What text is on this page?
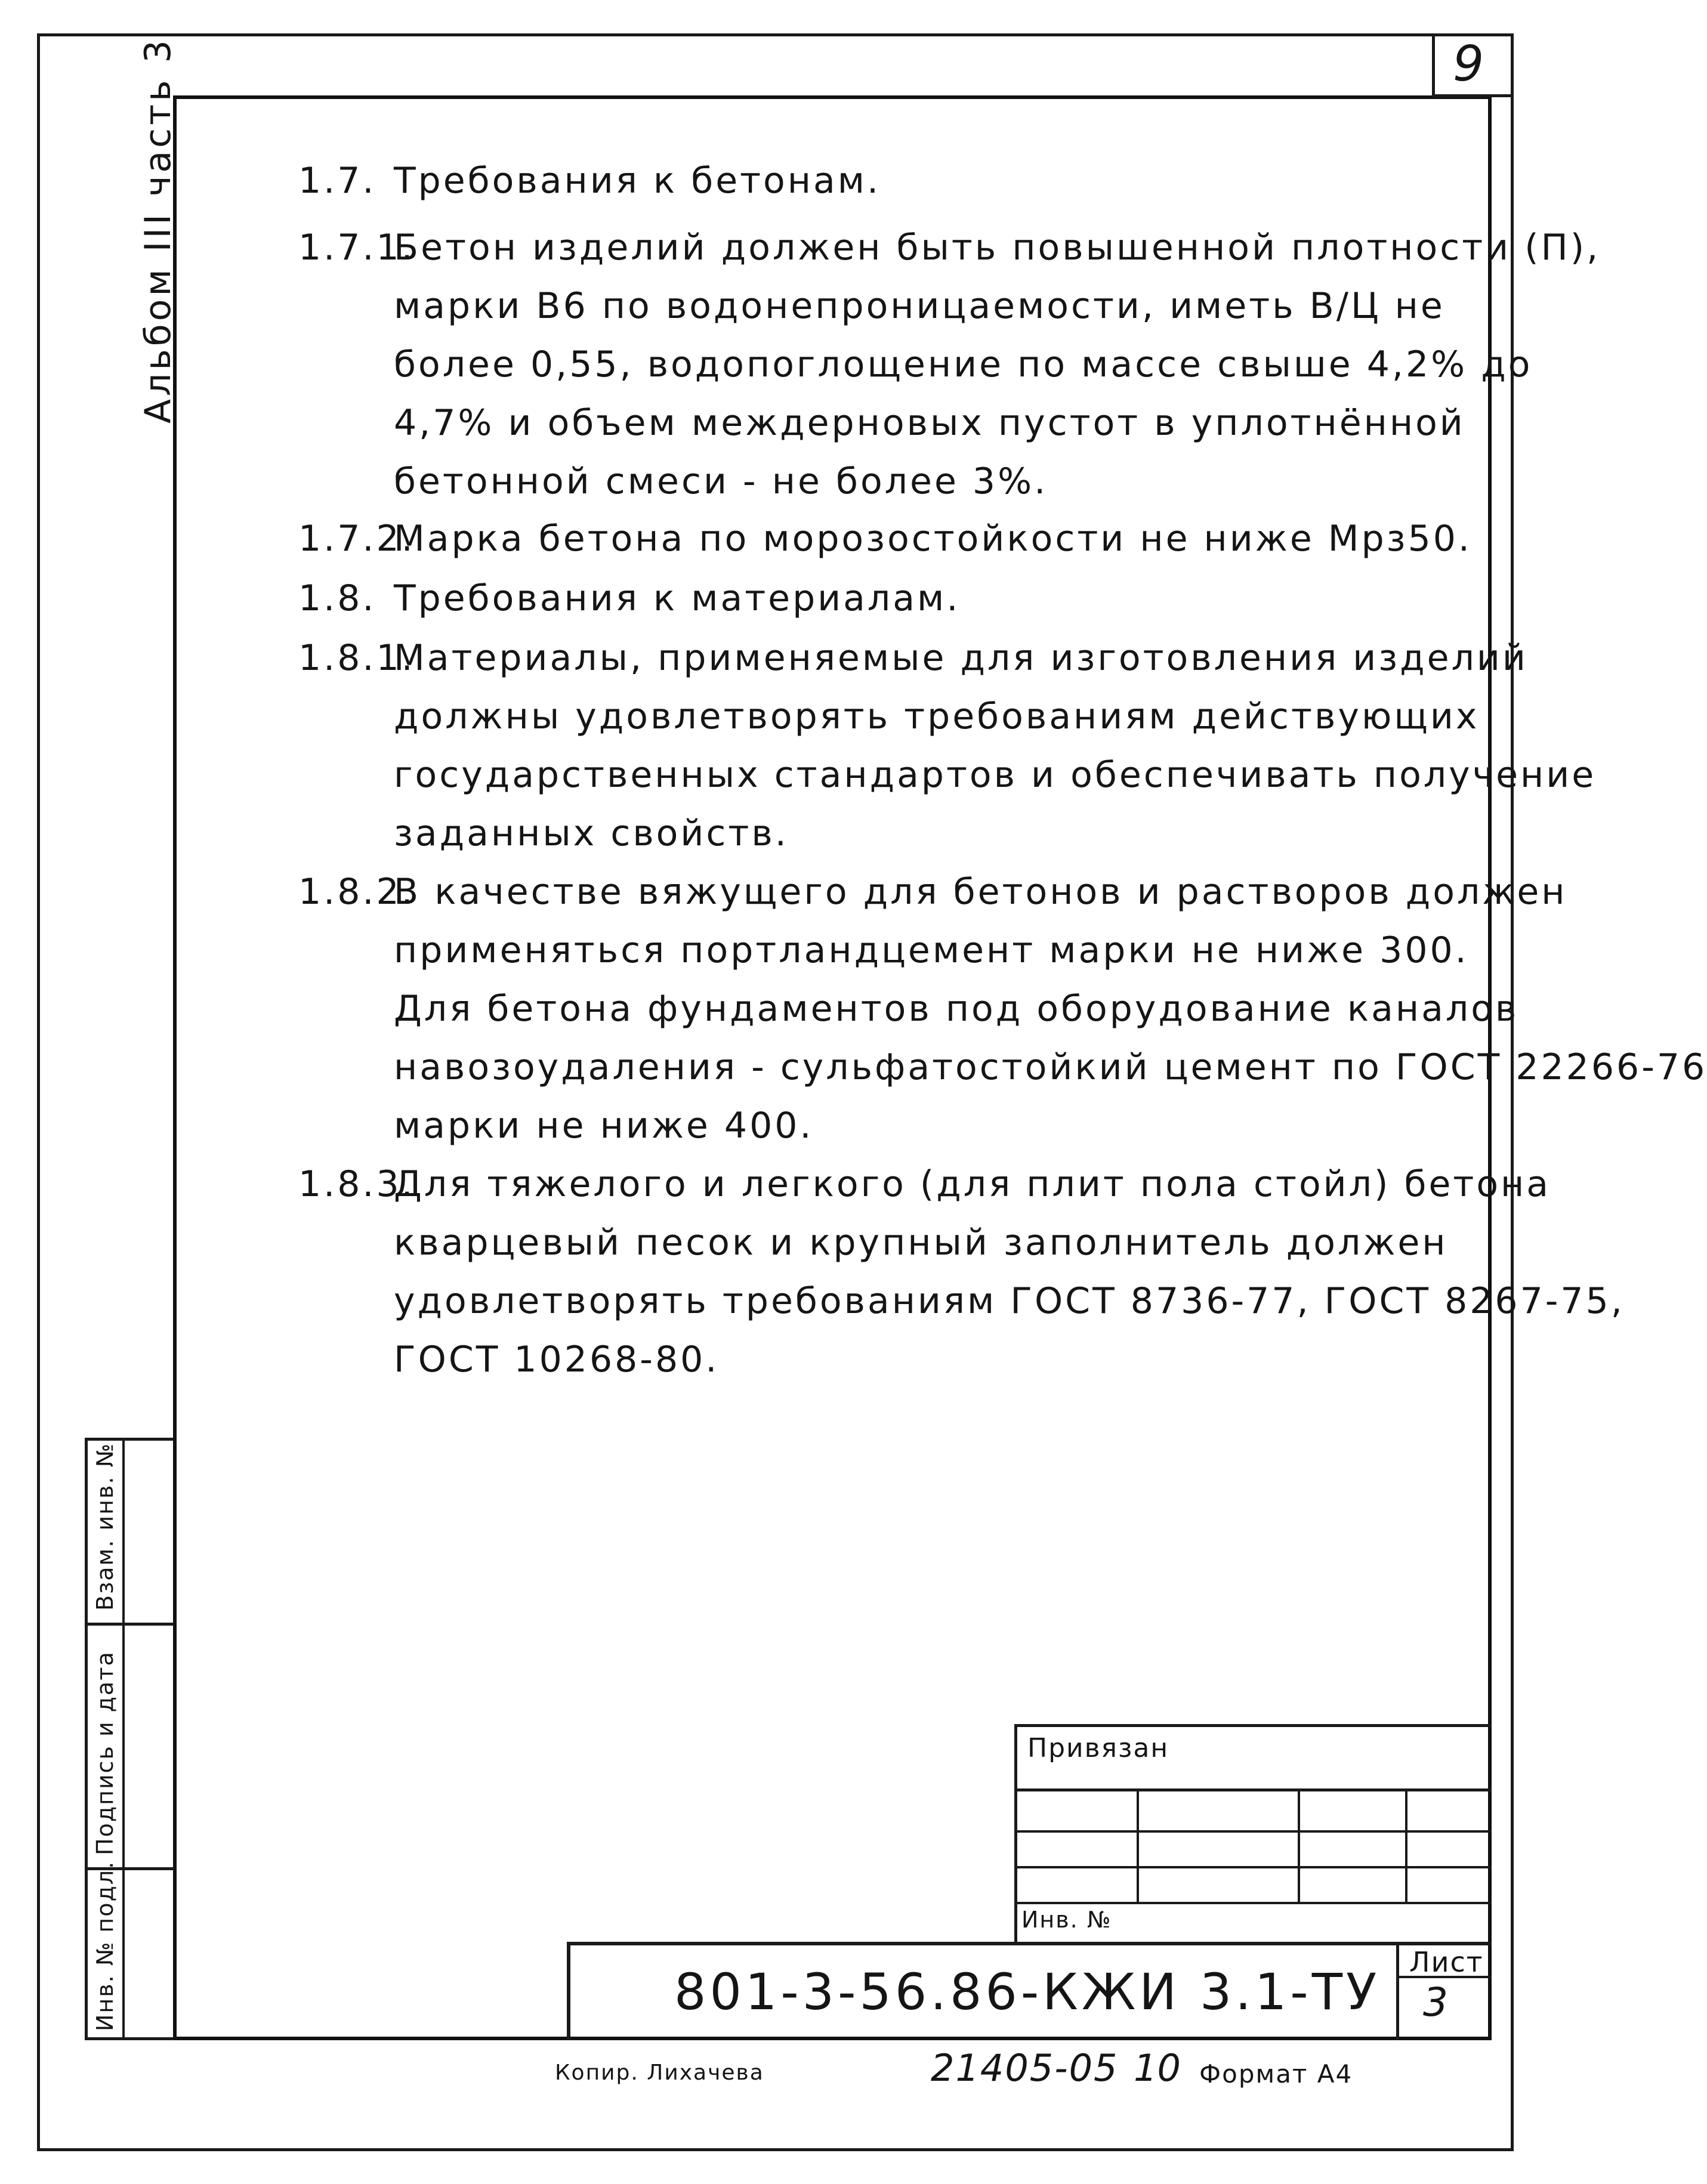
9
Альбом III часть 3	1.7. Требования к бетонам.
1.7.1.
Бетон изделий должен быть повышенной плотности (П),
марки В6 по водонепроницаемости, иметь В/Ц не
более 0,55, водопоглощение по массе свыше 4,2% до
4,7% и объем междерновых пустот в уплотнённой
бетонной смеси - не более 3%.
1.7.2.
Марка бетона по морозостойкости не ниже Мрз50.
1.8. Требования к материалам.
1.8.1.
Материалы, применяемые для изготовления изделий
должны удовлетворять требованиям действующих
государственных стандартов и обеспечивать получение
заданных свойств.
1.8.2.
В качестве вяжущего для бетонов и растворов должен
применяться портландцемент марки не ниже 300.
Для бетона фундаментов под оборудование каналов
навозоудаления - сульфатостойкий цемент по ГОСТ 22266-76
марки не ниже 400.
1.8.3.
Для тяжелого и легкого (для плит пола стойл) бетона
кварцевый песок и крупный заполнитель должен
удовлетворять требованиям ГОСТ 8736-77, ГОСТ 8267-75,
ГОСТ 10268-80.
Взам. инв. №
Подпись и дата
Инв. № подл.
Привязан
Инв. №
801-3-56.86-КЖИ 3.1-ТУ
Лист
3
Копир. Лихачева	21405-05 10 Формат А4
